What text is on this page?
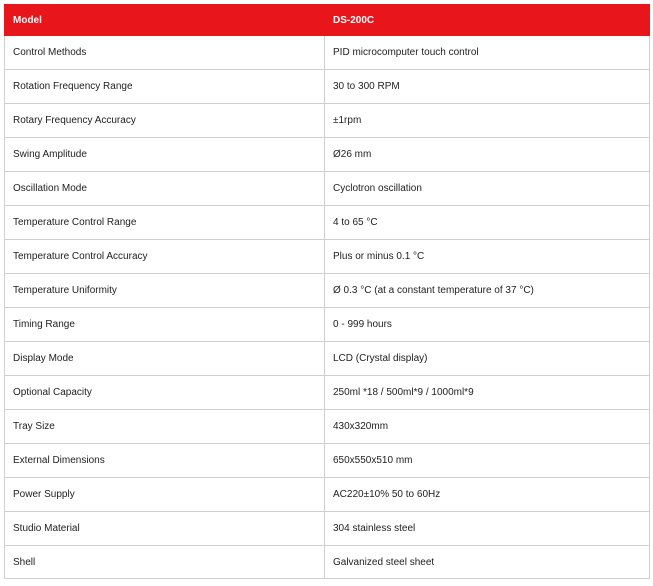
Model	DS-200C
Control Methods	PID microcomputer touch control
Rotation Frequency Range	30 to 300 RPM
Rotary Frequency Accuracy	±1rpm
Swing Amplitude	Ø26 mm
Oscillation Mode	Cyclotron oscillation
Temperature Control Range	4 to 65 °C
Temperature Control Accuracy	Plus or minus 0.1 °C
Temperature Uniformity	Ø 0.3 °C (at a constant temperature of 37 °C)
Timing Range	0 - 999 hours
Display Mode	LCD (Crystal display)
Optional Capacity	250ml *18 / 500ml*9 / 1000ml*9
Tray Size	430x320mm
External Dimensions	650x550x510 mm
Power Supply	AC220±10% 50 to 60Hz
Studio Material	304 stainless steel
Shell	Galvanized steel sheet
